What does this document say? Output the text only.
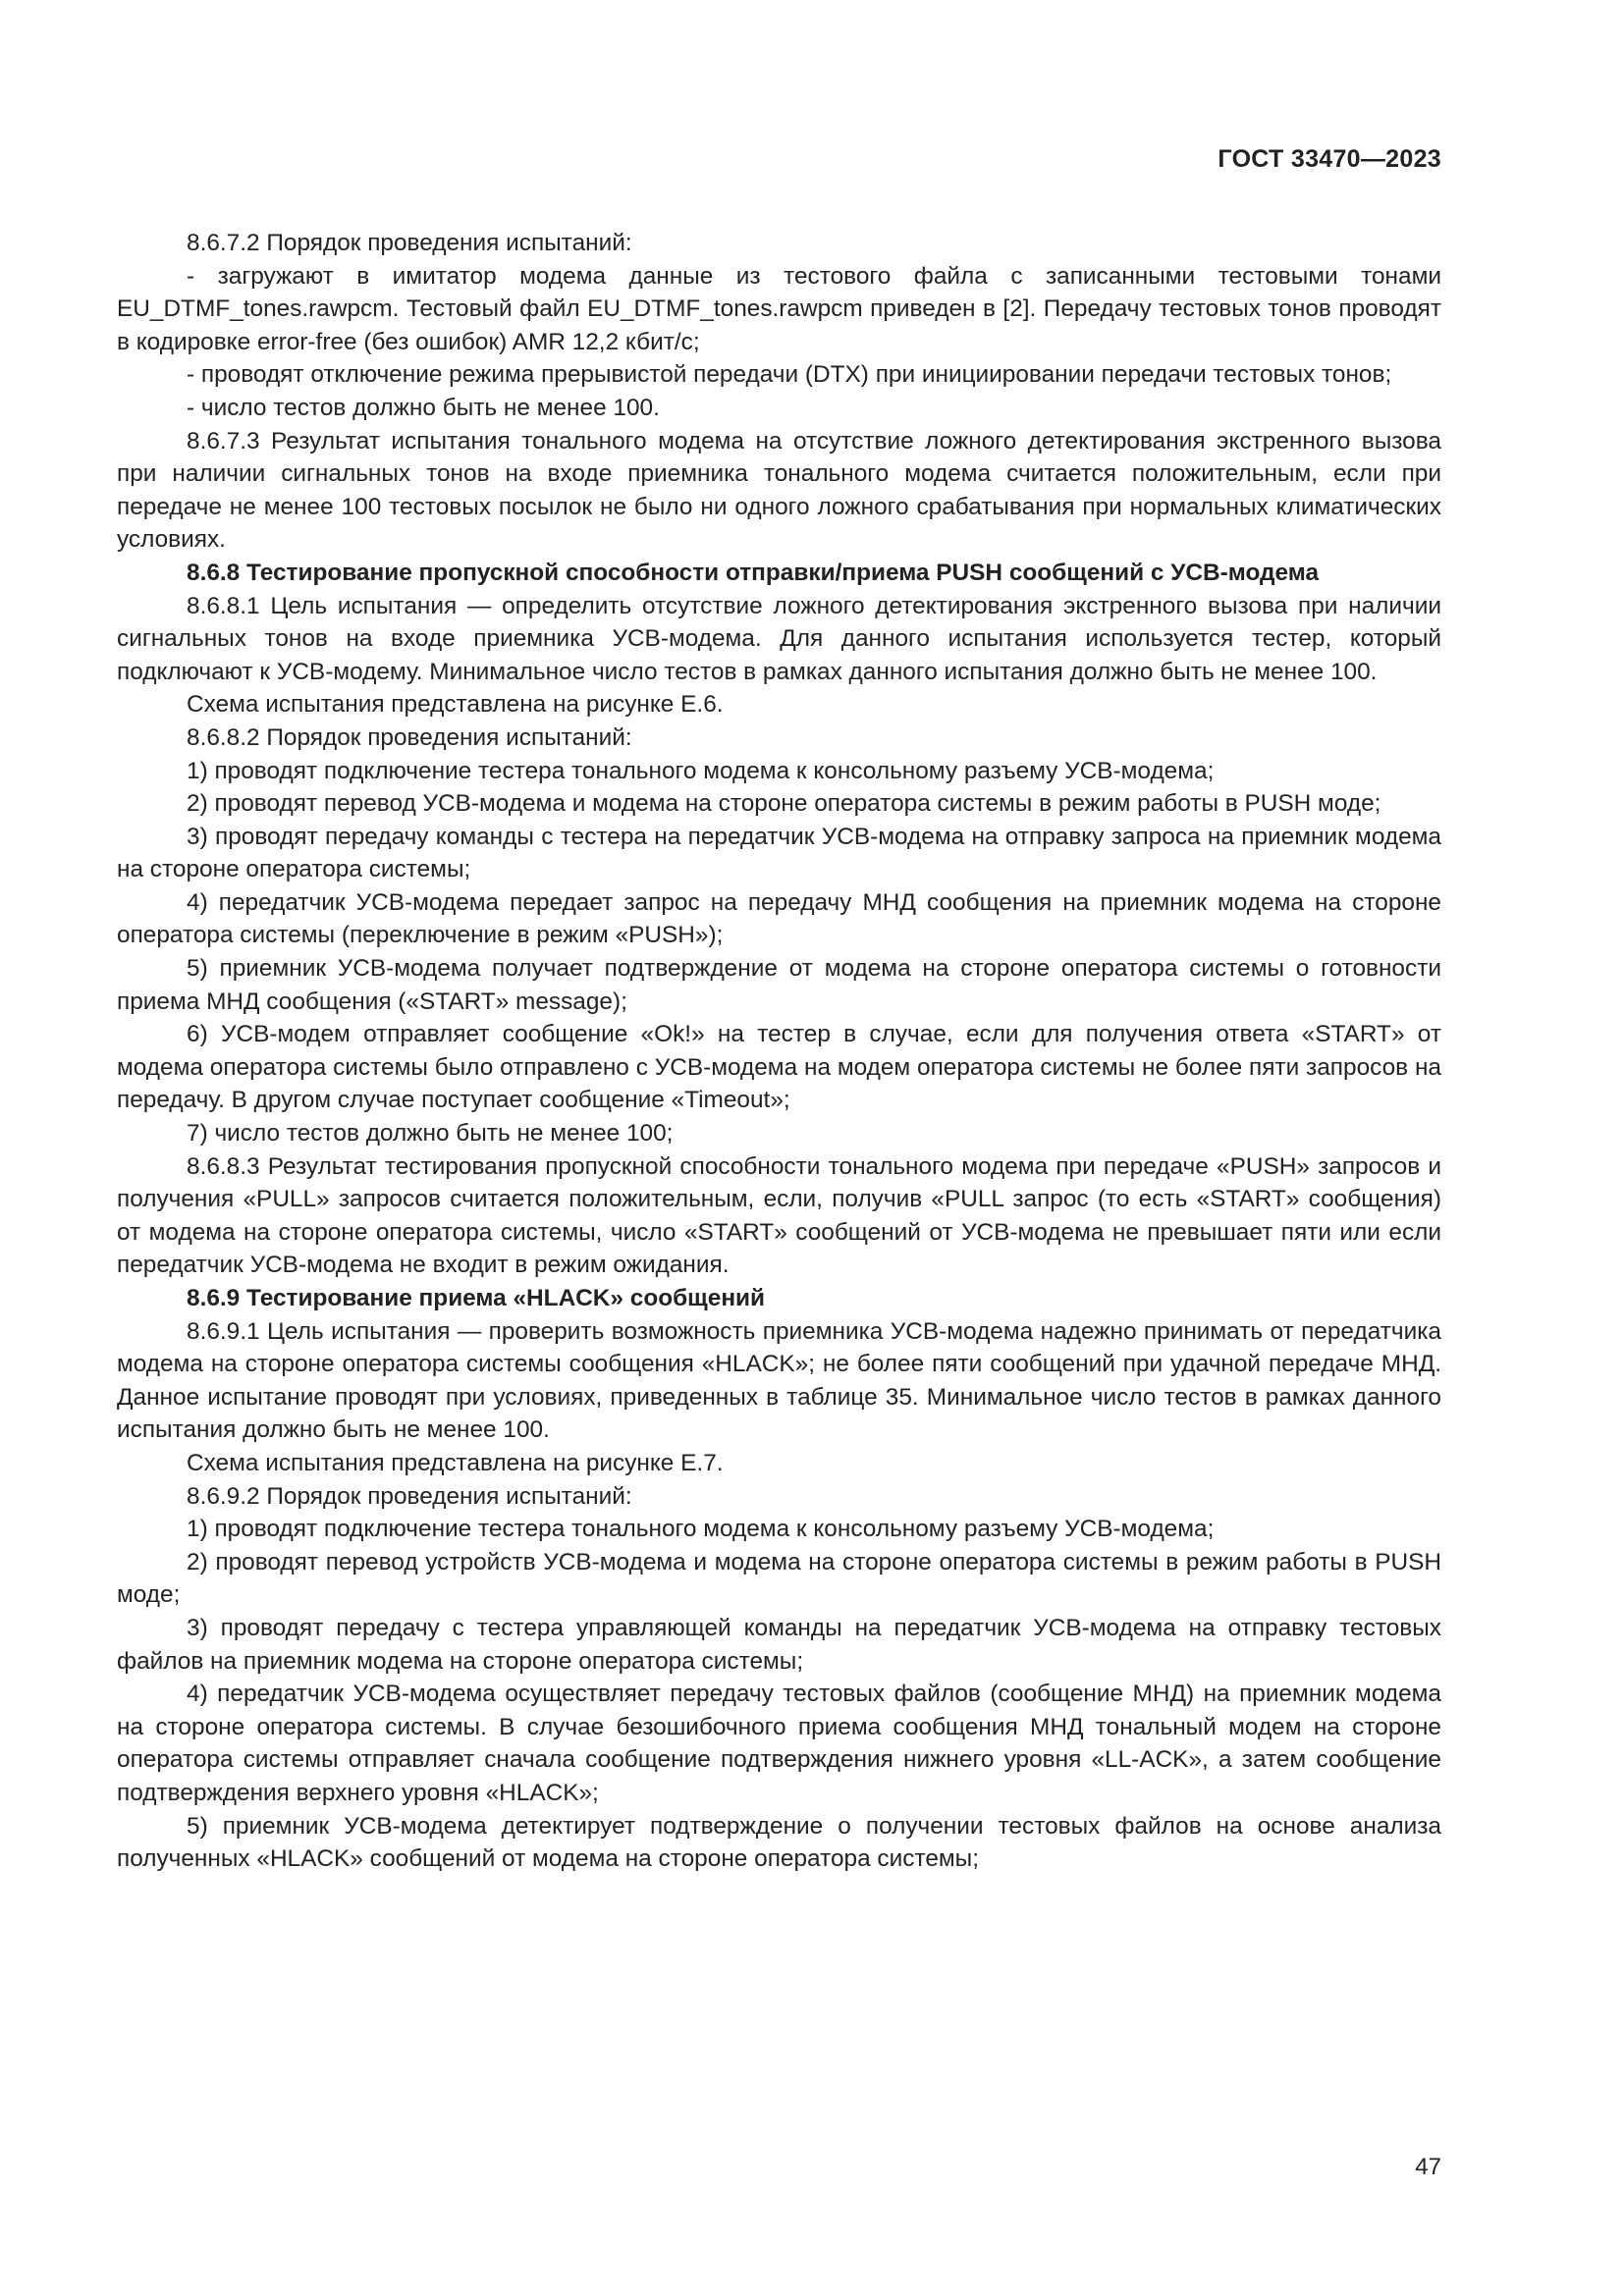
ГОСТ 33470—2023

8.6.7.2 Порядок проведения испытаний:

- загружают в имитатор модема данные из тестового файла с записанными тестовыми тонами EU_DTMF_tones.rawpcm. Тестовый файл EU_DTMF_tones.rawpcm приведен в [2]. Передачу тестовых тонов проводят в кодировке error-free (без ошибок) AMR 12,2 кбит/с;

- проводят отключение режима прерывистой передачи (DTX) при инициировании передачи тестовых тонов;

- число тестов должно быть не менее 100.

8.6.7.3 Результат испытания тонального модема на отсутствие ложного детектирования экстренного вызова при наличии сигнальных тонов на входе приемника тонального модема считается положительным, если при передаче не менее 100 тестовых посылок не было ни одного ложного срабатывания при нормальных климатических условиях.

8.6.8 Тестирование пропускной способности отправки/приема PUSH сообщений с УСВ-модема

8.6.8.1 Цель испытания — определить отсутствие ложного детектирования экстренного вызова при наличии сигнальных тонов на входе приемника УСВ-модема. Для данного испытания используется тестер, который подключают к УСВ-модему. Минимальное число тестов в рамках данного испытания должно быть не менее 100.

Схема испытания представлена на рисунке Е.6.

8.6.8.2 Порядок проведения испытаний:

1) проводят подключение тестера тонального модема к консольному разъему УСВ-модема;

2) проводят перевод УСВ-модема и модема на стороне оператора системы в режим работы в PUSH моде;

3) проводят передачу команды с тестера на передатчик УСВ-модема на отправку запроса на приемник модема на стороне оператора системы;

4) передатчик УСВ-модема передает запрос на передачу МНД сообщения на приемник модема на стороне оператора системы (переключение в режим «PUSH»);

5) приемник УСВ-модема получает подтверждение от модема на стороне оператора системы о готовности приема МНД сообщения («START» message);

6) УСВ-модем отправляет сообщение «Ok!» на тестер в случае, если для получения ответа «START» от модема оператора системы было отправлено с УСВ-модема на модем оператора системы не более пяти запросов на передачу. В другом случае поступает сообщение «Timeout»;

7) число тестов должно быть не менее 100;

8.6.8.3 Результат тестирования пропускной способности тонального модема при передаче «PUSH» запросов и получения «PULL» запросов считается положительным, если, получив «PULL запрос (то есть «START» сообщения) от модема на стороне оператора системы, число «START» сообщений от УСВ-модема не превышает пяти или если передатчик УСВ-модема не входит в режим ожидания.

8.6.9 Тестирование приема «HLACK» сообщений

8.6.9.1 Цель испытания — проверить возможность приемника УСВ-модема надежно принимать от передатчика модема на стороне оператора системы сообщения «HLACK»; не более пяти сообщений при удачной передаче МНД. Данное испытание проводят при условиях, приведенных в таблице 35. Минимальное число тестов в рамках данного испытания должно быть не менее 100.

Схема испытания представлена на рисунке Е.7.

8.6.9.2 Порядок проведения испытаний:

1) проводят подключение тестера тонального модема к консольному разъему УСВ-модема;

2) проводят перевод устройств УСВ-модема и модема на стороне оператора системы в режим работы в PUSH моде;

3) проводят передачу с тестера управляющей команды на передатчик УСВ-модема на отправку тестовых файлов на приемник модема на стороне оператора системы;

4) передатчик УСВ-модема осуществляет передачу тестовых файлов (сообщение МНД) на приемник модема на стороне оператора системы. В случае безошибочного приема сообщения МНД тональный модем на стороне оператора системы отправляет сначала сообщение подтверждения нижнего уровня «LL-ACK», а затем сообщение подтверждения верхнего уровня «HLACK»;

5) приемник УСВ-модема детектирует подтверждение о получении тестовых файлов на основе анализа полученных «HLACK» сообщений от модема на стороне оператора системы;

47
